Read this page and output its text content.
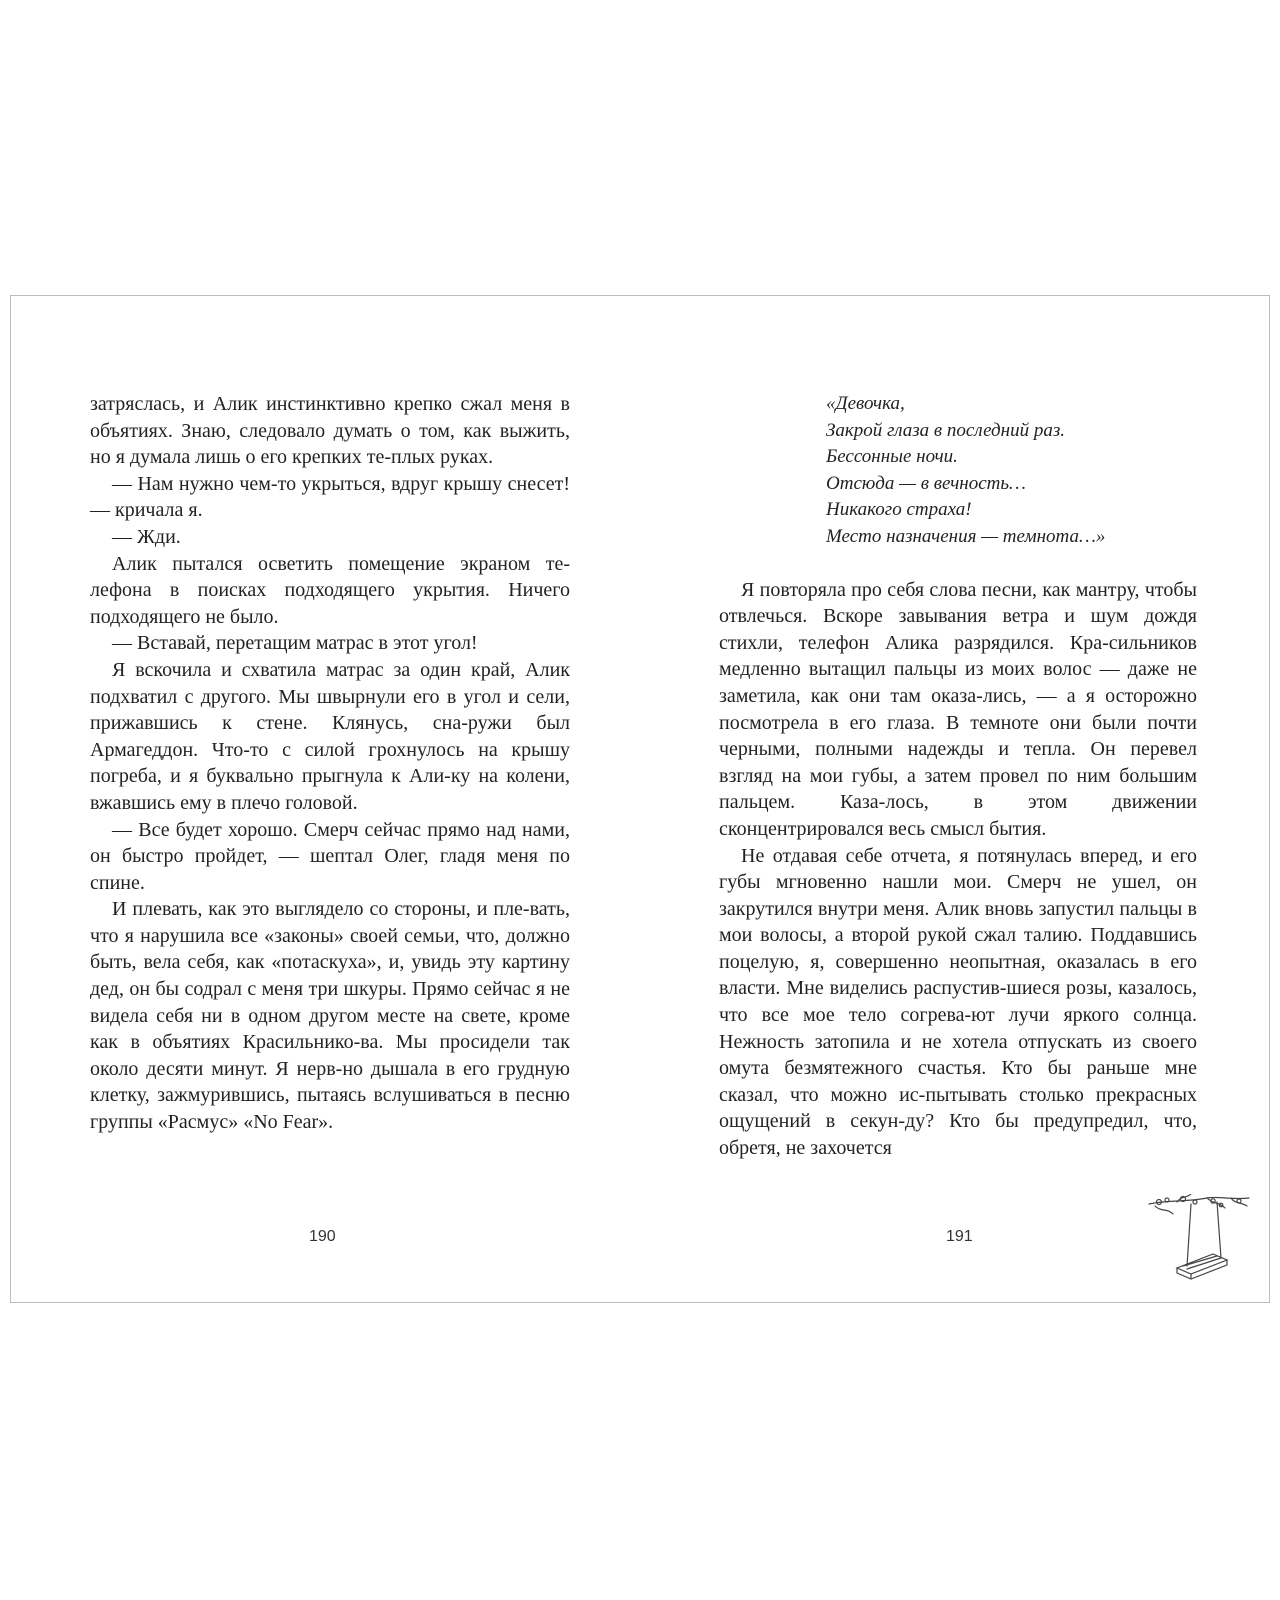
затряслась, и Алик инстинктивно крепко сжал меня в объятиях. Знаю, следовало думать о том, как выжить, но я думала лишь о его крепких те-плых руках.

— Нам нужно чем-то укрыться, вдруг крышу снесет! — кричала я.

— Жди.

Алик пытался осветить помещение экраном те-лефона в поисках подходящего укрытия. Ничего подходящего не было.

— Вставай, перетащим матрас в этот угол!

Я вскочила и схватила матрас за один край, Алик подхватил с другого. Мы швырнули его в угол и сели, прижавшись к стене. Клянусь, сна-ружи был Армагеддон. Что-то с силой грохнулось на крышу погреба, и я буквально прыгнула к Али-ку на колени, вжавшись ему в плечо головой.

— Все будет хорошо. Смерч сейчас прямо над нами, он быстро пройдет, — шептал Олег, гладя меня по спине.

И плевать, как это выглядело со стороны, и пле-вать, что я нарушила все «законы» своей семьи, что, должно быть, вела себя, как «потаскуха», и, увидь эту картину дед, он бы содрал с меня три шкуры. Прямо сейчас я не видела себя ни в одном другом месте на свете, кроме как в объятиях Красильнико-ва. Мы просидели так около десяти минут. Я нерв-но дышала в его грудную клетку, зажмурившись, пытаясь вслушиваться в песню группы «Расмус» «No Fear».

190
«Девочка,
Закрой глаза в последний раз.
Бессонные ночи.
Отсюда — в вечность…
Никакого страха!
Место назначения — темнота…»

Я повторяла про себя слова песни, как мантру, чтобы отвлечься. Вскоре завывания ветра и шум дождя стихли, телефон Алика разрядился. Кра-сильников медленно вытащил пальцы из моих волос — даже не заметила, как они там оказа-лись, — а я осторожно посмотрела в его глаза. В темноте они были почти черными, полными надежды и тепла. Он перевел взгляд на мои губы, а затем провел по ним большим пальцем. Каза-лось, в этом движении сконцентрировался весь смысл бытия.

Не отдавая себе отчета, я потянулась вперед, и его губы мгновенно нашли мои. Смерч не ушел, он закрутился внутри меня. Алик вновь запустил пальцы в мои волосы, а второй рукой сжал талию. Поддавшись поцелую, я, совершенно неопытная, оказалась в его власти. Мне виделись распустив-шиеся розы, казалось, что все мое тело согрева-ют лучи яркого солнца. Нежность затопила и не хотела отпускать из своего омута безмятежного счастья. Кто бы раньше мне сказал, что можно ис-пытывать столько прекрасных ощущений в секун-ду? Кто бы предупредил, что, обретя, не захочется

191
